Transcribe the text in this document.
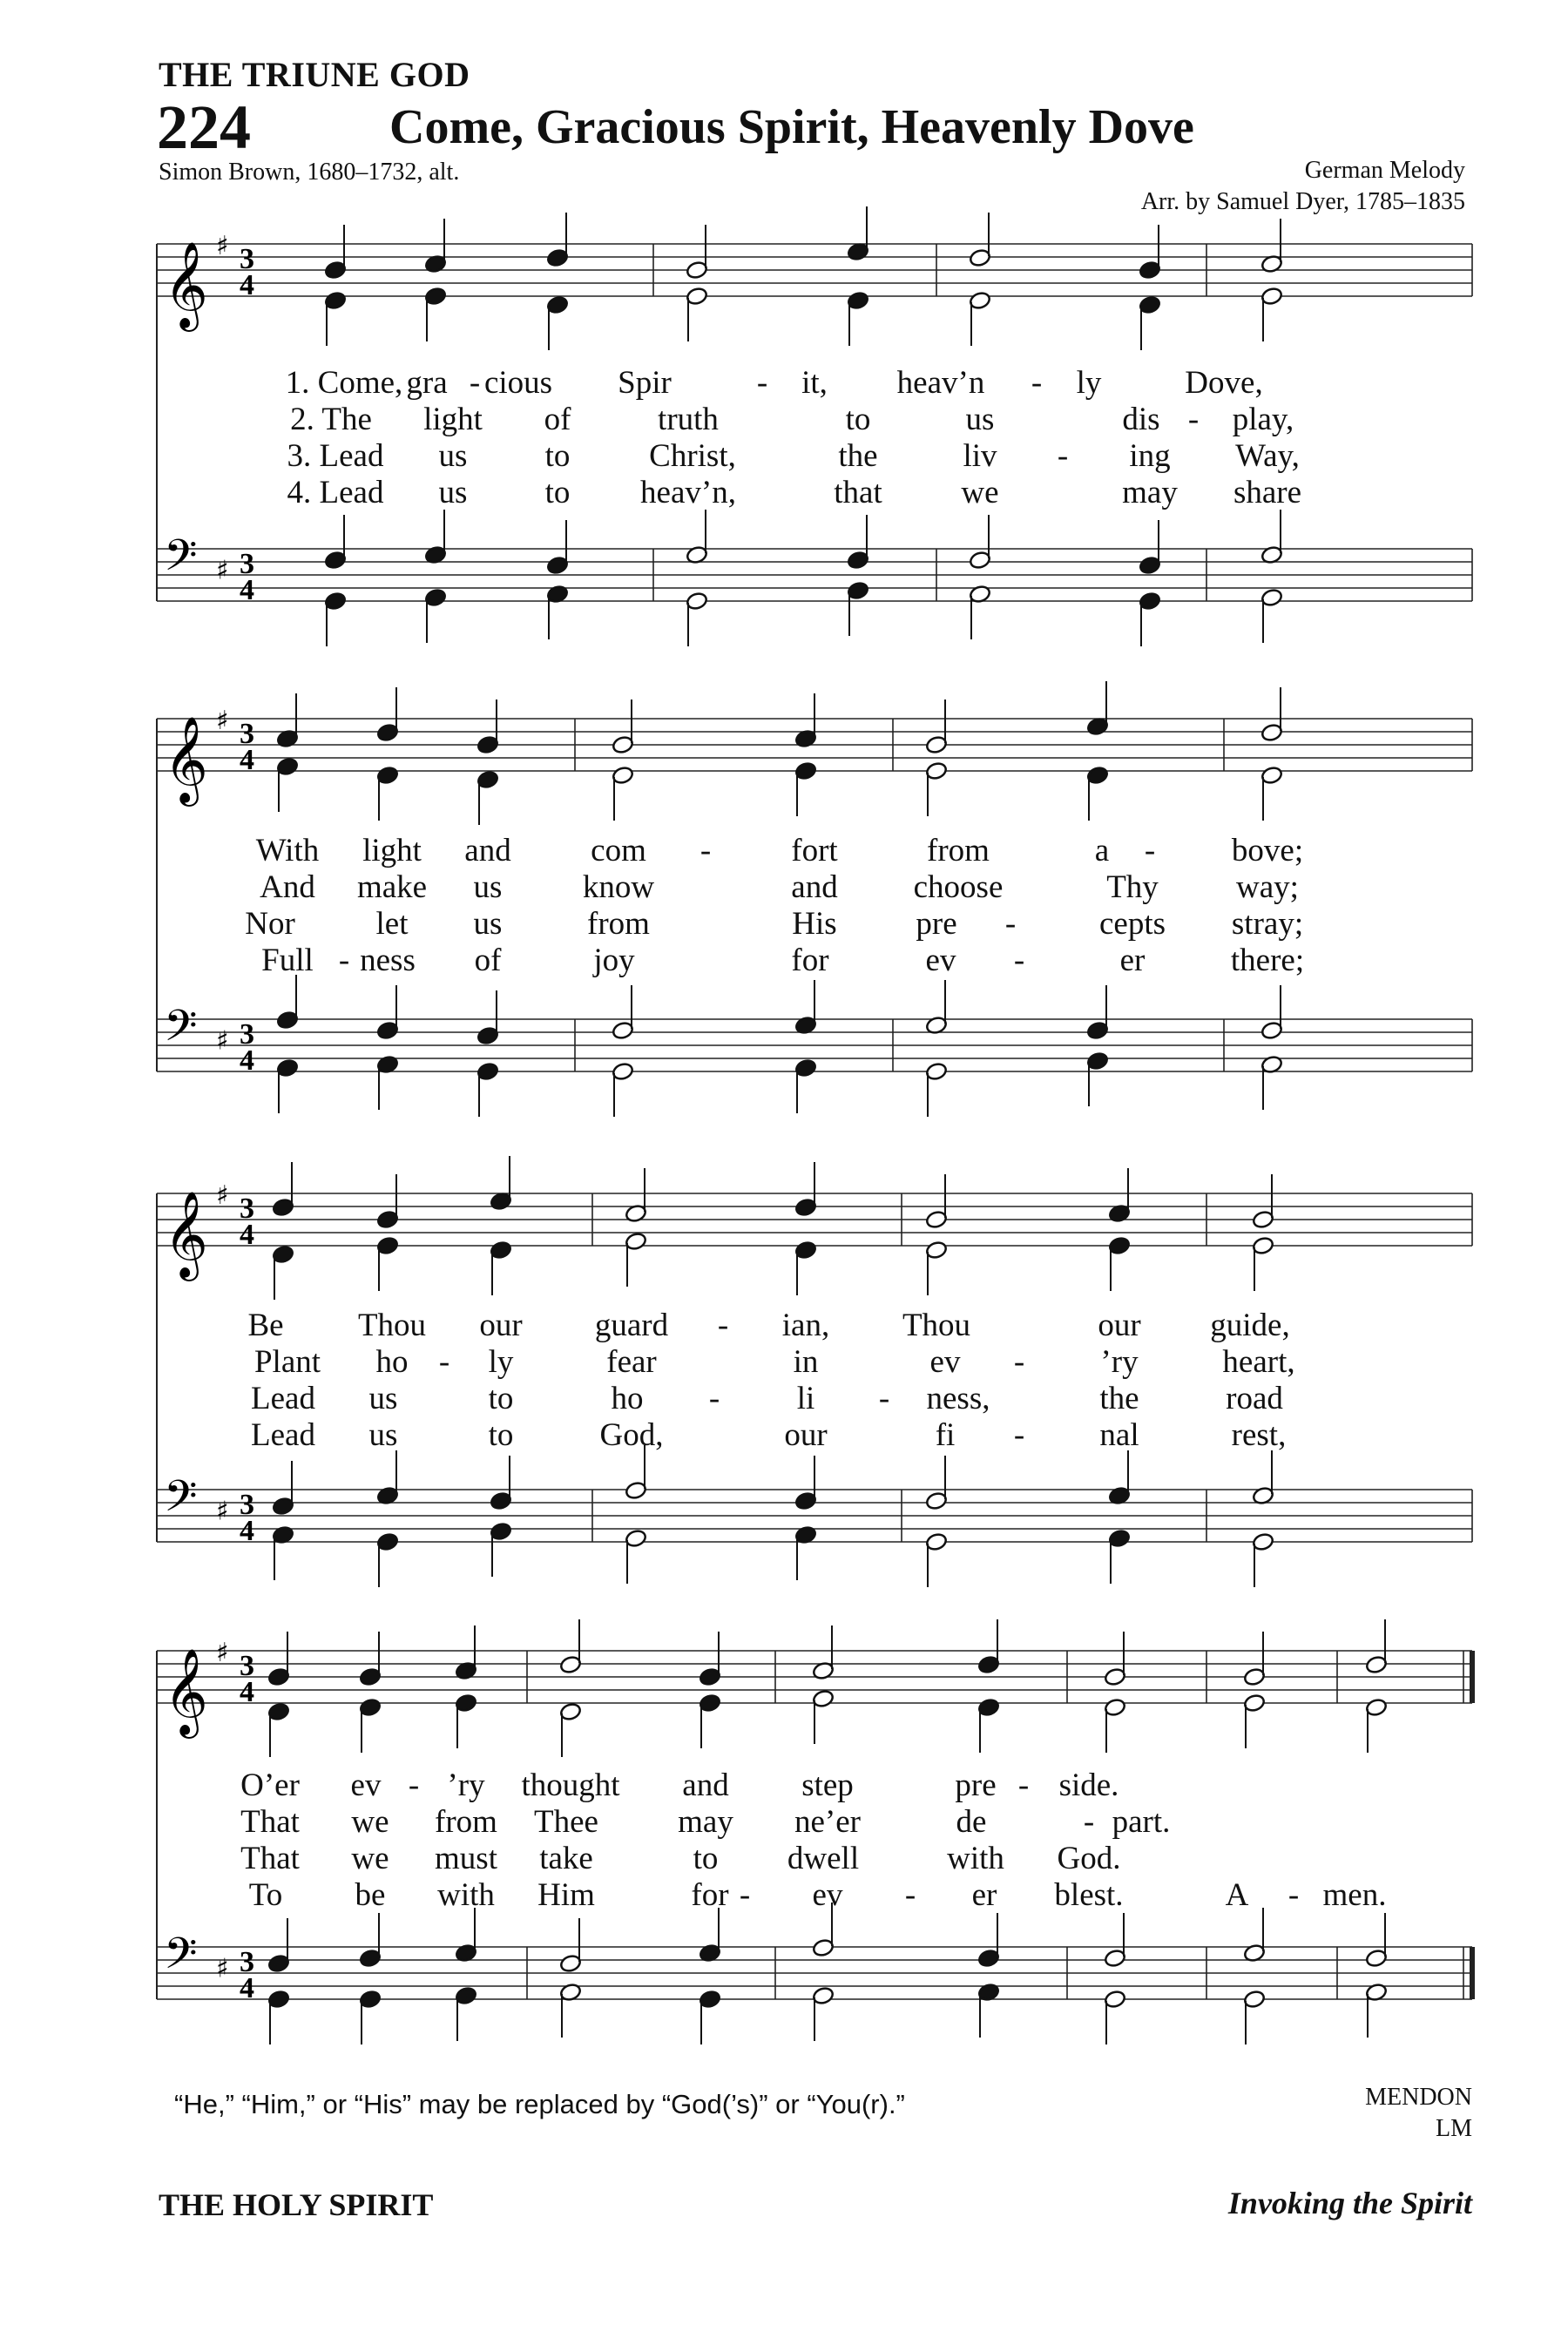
THE TRIUNE GOD
224	Come, Gracious Spirit, Heavenly Dove
Simon Brown, 1680–1732, alt.	German Melody
Arr. by Samuel Dyer, 1785–1835
𝄞 ♯ 3
4
𝄢 ♯ 3
4
1. Come, gra - cious Spir	- it, heav’n - ly	Dove,
2. The light of	truth	to	us	dis - play,
3. Lead us to Christ,	the	liv - ing Way,
4. Lead us to heav’n,	that we	may share
𝄞 ♯ 3
4
𝄢 ♯ 3
4
With light and com - fort	from	a - bove;
And make us know	and choose	Thy way;
Nor	let us	from	His pre -	cepts stray;
Full - ness of	joy	for	ev -	er	there;
𝄞 ♯ 3
4
𝄢 ♯ 3
4
Be Thou our guard - ian, Thou	our guide,
Plant ho - ly	fear	in	ev - ’ry	heart,
Lead us	to	ho - li - ness,	the	road
Lead us	to	God,	our	fi - nal	rest,
𝄞 ♯ 3
4
𝄢 ♯ 3
4
O’er ev - ’ry thought and step	pre - side.
That we from Thee may ne’er	de	- part.
That we must take	to dwell	with God.
To be with Him	for - ev - er blest.	A - men.
“He,” “Him,” or “His” may be replaced by “God(’s)” or “You(r).”	MENDON
LM
THE HOLY SPIRIT	Invoking the Spirit
